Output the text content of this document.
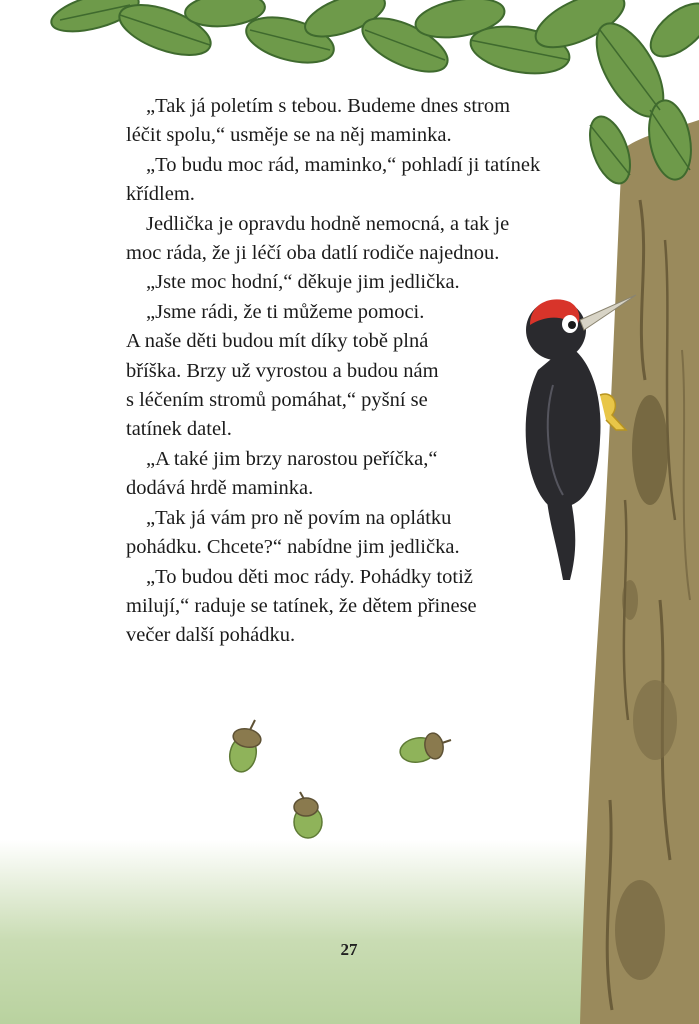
„Tak já poletím s tebou. Budeme dnes strom
léčit spolu,“ usměje se na něj maminka.

„To budu moc rád, maminko,“ pohladí ji tatínek
křídlem.

Jedlička je opravdu hodně nemocná, a tak je
moc ráda, že ji léčí oba datlí rodiče najednou.

„Jste moc hodní,“ děkuje jim jedlička.

„Jsme rádi, že ti můžeme pomoci.
A naše děti budou mít díky tobě plná
bříška. Brzy už vyrostou a budou nám
s léčením stromů pomáhat,“ pyšní se
tatínek datel.

„A také jim brzy narostou peříčka,“
dodává hrdě maminka.

„Tak já vám pro ně povím na oplátku
pohádku. Chcete?“ nabídne jim jedlička.

„To budou děti moc rády. Pohádky totiž
milují,“ raduje se tatínek, že dětem přinese
večer další pohádku.

27
